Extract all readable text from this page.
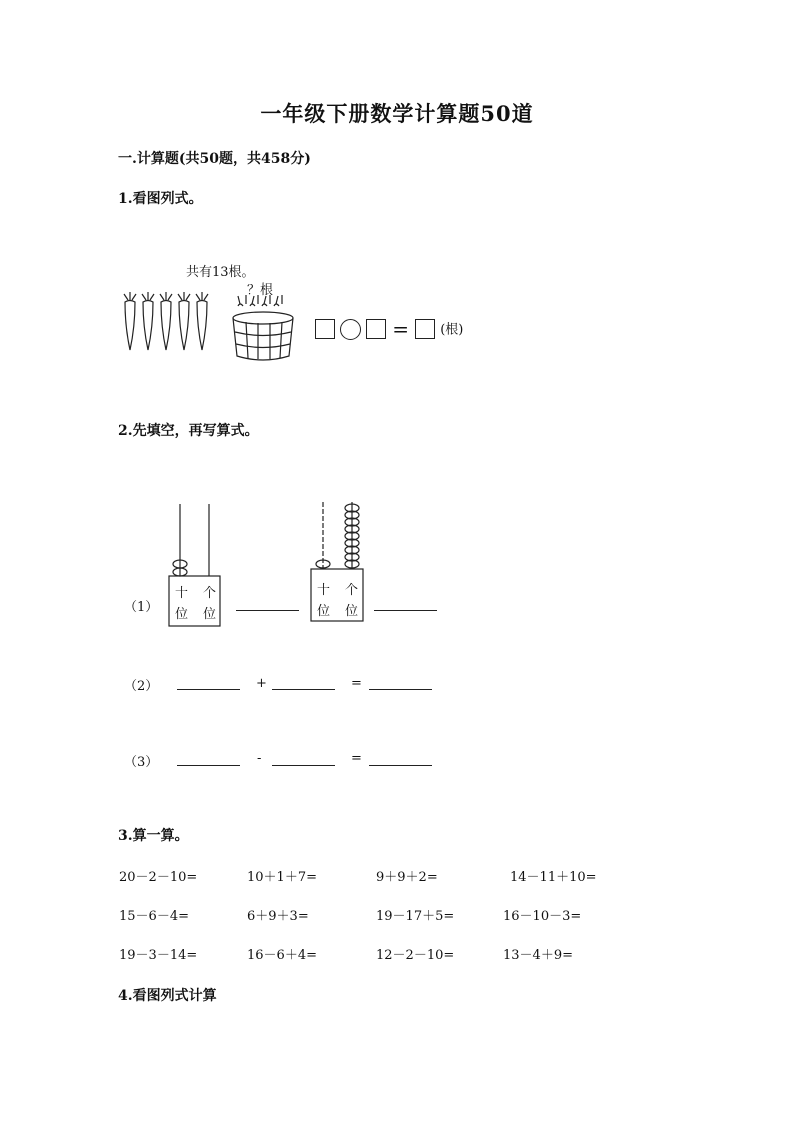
一年级下册数学计算题50道
一.计算题(共50题，共458分)
1.看图列式。
共有13根。
？根
= (根)
2.先填空，再写算式。
（1）
十 个
位 位
十 个
位 位
（2）	+	=
（3）	-	=
3.算一算。
20－2－10=	10＋1＋7=	9＋9＋2=	14－11＋10=
15－6－4=	6＋9＋3=	19－17＋5=	16－10－3=
19－3－14=	16－6＋4=	12－2－10=	13－4＋9=
4.看图列式计算
